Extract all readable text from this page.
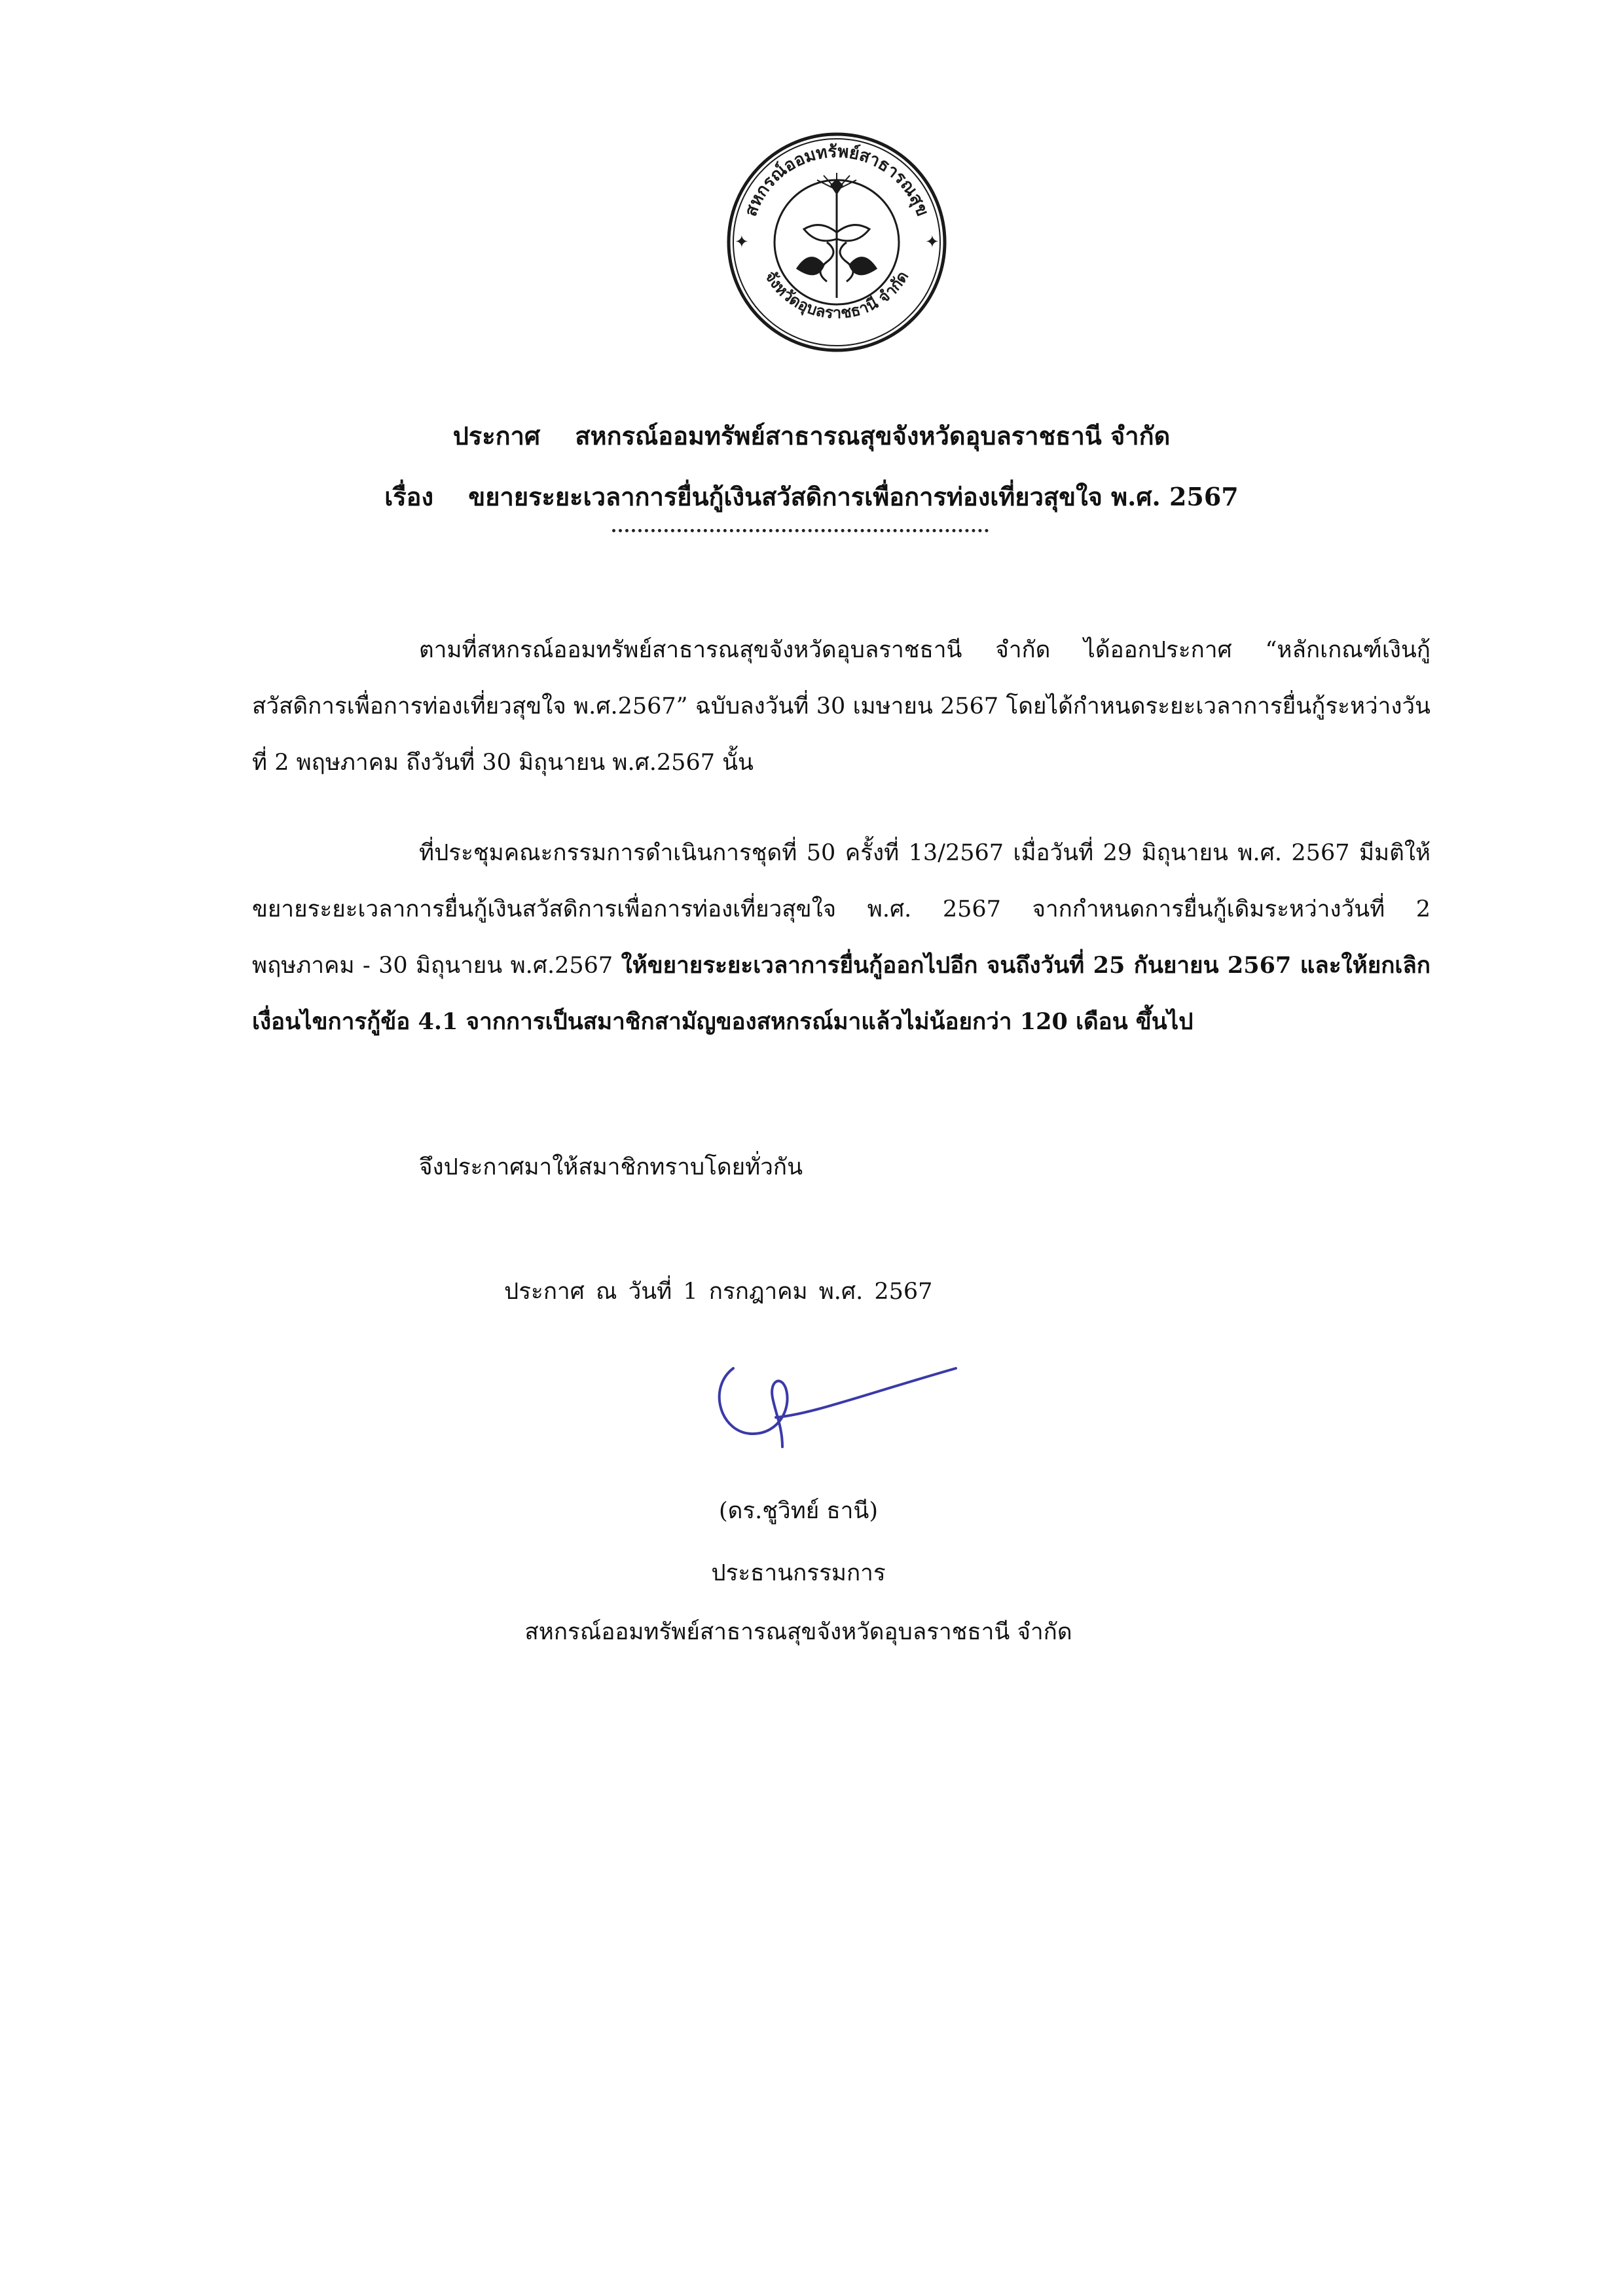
สหกรณ์ออมทรัพย์สาธารณสุข
จังหวัดอุบลราชธานี จำกัด
✦	✦
ประกาศ สหกรณ์ออมทรัพย์สาธารณสุขจังหวัดอุบลราชธานี จำกัด
เรื่อง ขยายระยะเวลาการยื่นกู้เงินสวัสดิการเพื่อการท่องเที่ยวสุขใจ พ.ศ. 2567
ตามที่สหกรณ์ออมทรัพย์สาธารณสุขจังหวัดอุบลราชธานี จำกัด ได้ออกประกาศ “หลักเกณฑ์เงินกู้สวัสดิการเพื่อการท่องเที่ยวสุขใจ พ.ศ.2567” ฉบับลงวันที่ 30 เมษายน 2567 โดยได้กำหนดระยะเวลาการยื่นกู้ระหว่างวันที่ 2 พฤษภาคม ถึงวันที่ 30 มิถุนายน พ.ศ.2567 นั้น
ที่ประชุมคณะกรรมการดำเนินการชุดที่ 50 ครั้งที่ 13/2567 เมื่อวันที่ 29 มิถุนายน พ.ศ. 2567 มีมติให้ขยายระยะเวลาการยื่นกู้เงินสวัสดิการเพื่อการท่องเที่ยวสุขใจ พ.ศ. 2567 จากกำหนดการยื่นกู้เดิมระหว่างวันที่ 2 พฤษภาคม - 30 มิถุนายน พ.ศ.2567 ให้ขยายระยะเวลาการยื่นกู้ออกไปอีก จนถึงวันที่ 25 กันยายน 2567 และให้ยกเลิกเงื่อนไขการกู้ข้อ 4.1 จากการเป็นสมาชิกสามัญของสหกรณ์มาแล้วไม่น้อยกว่า 120 เดือน ขึ้นไป
จึงประกาศมาให้สมาชิกทราบโดยทั่วกัน
ประกาศ ณ วันที่ 1 กรกฎาคม พ.ศ. 2567
(ดร.ชูวิทย์ ธานี)
ประธานกรรมการ
สหกรณ์ออมทรัพย์สาธารณสุขจังหวัดอุบลราชธานี จำกัด
